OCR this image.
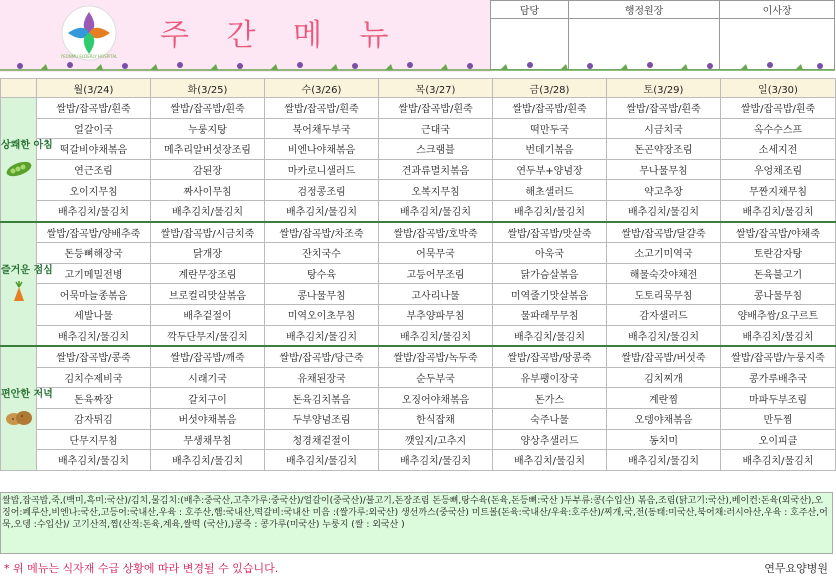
YEONMU ELDERLY HOSPITAL
주 간 메 뉴
담당	행정원장	이사장

	월(3/24)	화(3/25)	수(3/26)	목(3/27)	금(3/28)	토(3/29)	일(3/30)

상쾌한 아침	쌀밥/잡곡밥/흰죽	쌀밥/잡곡밥/흰죽	쌀밥/잡곡밥/흰죽	쌀밥/잡곡밥/흰죽	쌀밥/잡곡밥/흰죽	쌀밥/잡곡밥/흰죽	쌀밥/잡곡밥/흰죽
	얼갈이국	누룽지탕	북어채두부국	근대국	떡만두국	시금치국	옥수수스프
	떡갈비야채볶음	메추리알버섯장조림	비엔나야채볶음	스크램블	번데기볶음	돈곤약장조림	소세지전
	연근조림	감된장	마카로니샐러드	견과류멸치볶음	연두부+양념장	무나물무침	우엉채조림
	오이지무침	짜사이무침	검정콩조림	오복지무침	해초샐러드	약고추장	무짠지채무침
	배추김치/물김치	배추김치/물김치	배추김치/물김치	배추김치/물김치	배추김치/물김치	배추김치/물김치	배추김치/물김치

즐거운 점심	쌀밥/잡곡밥/양배추죽	쌀밥/잡곡밥/시금치죽	쌀밥/잡곡밥/차조죽	쌀밥/잡곡밥/호박죽	쌀밥/잡곡밥/맛살죽	쌀밥/잡곡밥/달걀죽	쌀밥/잡곡밥/야채죽
	돈등뼈해장국	닭개장	잔치국수	어묵무국	아욱국	소고기미역국	토란감자탕
	고기메밀전병	계란무장조림	탕수육	고등어무조림	닭가슴살볶음	해물숙갓야채전	돈육불고기
	어묵마늘종볶음	브로컬리맛살볶음	콩나물무침	고사리나물	미역줄기맛살볶음	도토리묵무침	콩나물무침
	세발나물	배추겉절이	미역오이초무침	부추양파무침	물파래무무침	감자샐러드	양배추쌈/요구르트
	배추김치/물김치	깍두단무지/물김치	배추김치/물김치	배추김치/물김치	배추김치/물김치	배추김치/물김치	배추김치/물김치

편안한 저녁	쌀밥/잡곡밥/콩죽	쌀밥/잡곡밥/깨죽	쌀밥/잡곡밥/당근죽	쌀밥/잡곡밥/녹두죽	쌀밥/잡곡밥/땅콩죽	쌀밥/잡곡밥/버섯죽	쌀밥/잡곡밥/누룽지죽
	김치수제비국	시래기국	유채된장국	순두부국	유부팽이장국	김치찌개	콩가루배추국
	돈육짜장	갈치구이	돈육김치볶음	오징어야채볶음	돈가스	계란찜	마파두부조림
	감자튀김	버섯야채볶음	두부양념조림	한식잡채	숙주나물	오뎅야채볶음	만두찜
	단무지무침	무생채무침	청경채겉절이	깻잎지/고추지	양상추샐러드	동치미	오이피클
	배추김치/물김치	배추김치/물김치	배추김치/물김치	배추김치/물김치	배추김치/물김치	배추김치/물김치	배추김치/물김치
쌀밥,잡곡밥,죽,(백미,흑미:국산)/김치,물김치:(배추:중국산,고추가루:중국산)/얼갈이(중국산)/불고기,돈장조림 돈등뼈,탕수육(돈육,돈등뼈:국산 )두부류:콩(수입산) 볶음,조림(닭고기:국산),베이컨:돈육(외국산),오징어:페루산,비엔나:국산,고등어:국내산,우육 : 호주산,햄:국내산,떡갈비:국내산 미음 :(쌀가루:외국산) 생선까스(중국산) 미트볼(돈육:국내산/우육:호주산)/찌개,국,전(동태:미국산,북어채:러시아산,우육 : 호주산,어묵,오뎅 :수입산)/ 고기산적,찜(산적:돈육,계육,쌀떡 (국산),)콩죽 : 콩가루(미국산) 누룽지 (쌀 : 외국산 )
* 위 메뉴는 식자재 수급 상황에 따라 변경될 수 있습니다.	연무요양병원
